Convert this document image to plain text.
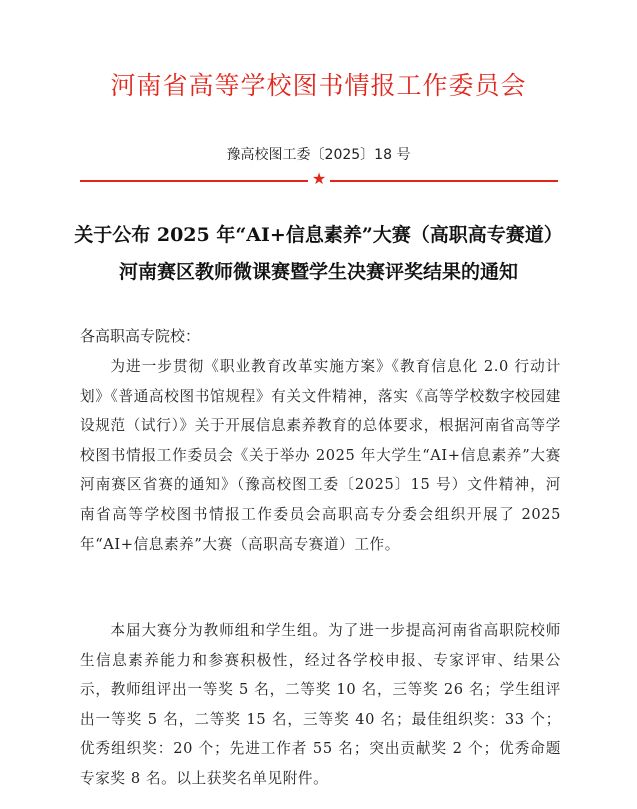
河南省高等学校图书情报工作委员会
豫高校图工委〔2025〕18 号
★
关于公布 2025 年“AI+信息素养”大赛（高职高专赛道）
河南赛区教师微课赛暨学生决赛评奖结果的通知
各高职高专院校：

为进一步贯彻《职业教育改革实施方案》《教育信息化 2.0 行动计划》《普通高校图书馆规程》有关文件精神，落实《高等学校数字校园建设规范（试行）》关于开展信息素养教育的总体要求，根据河南省高等学校图书情报工作委员会《关于举办 2025 年大学生“AI+信息素养”大赛河南赛区省赛的通知》（豫高校图工委〔2025〕15 号）文件精神，河南省高等学校图书情报工作委员会高职高专分委会组织开展了 2025 年“AI+信息素养”大赛（高职高专赛道）工作。

本届大赛分为教师组和学生组。为了进一步提高河南省高职院校师生信息素养能力和参赛积极性，经过各学校申报、专家评审、结果公示，教师组评出一等奖 5 名，二等奖 10 名，三等奖 26 名；学生组评出一等奖 5 名，二等奖 15 名，三等奖 40 名；最佳组织奖：33 个；优秀组织奖：20 个；先进工作者 55 名；突出贡献奖 2 个；优秀命题专家奖 8 名。以上获奖名单见附件。
